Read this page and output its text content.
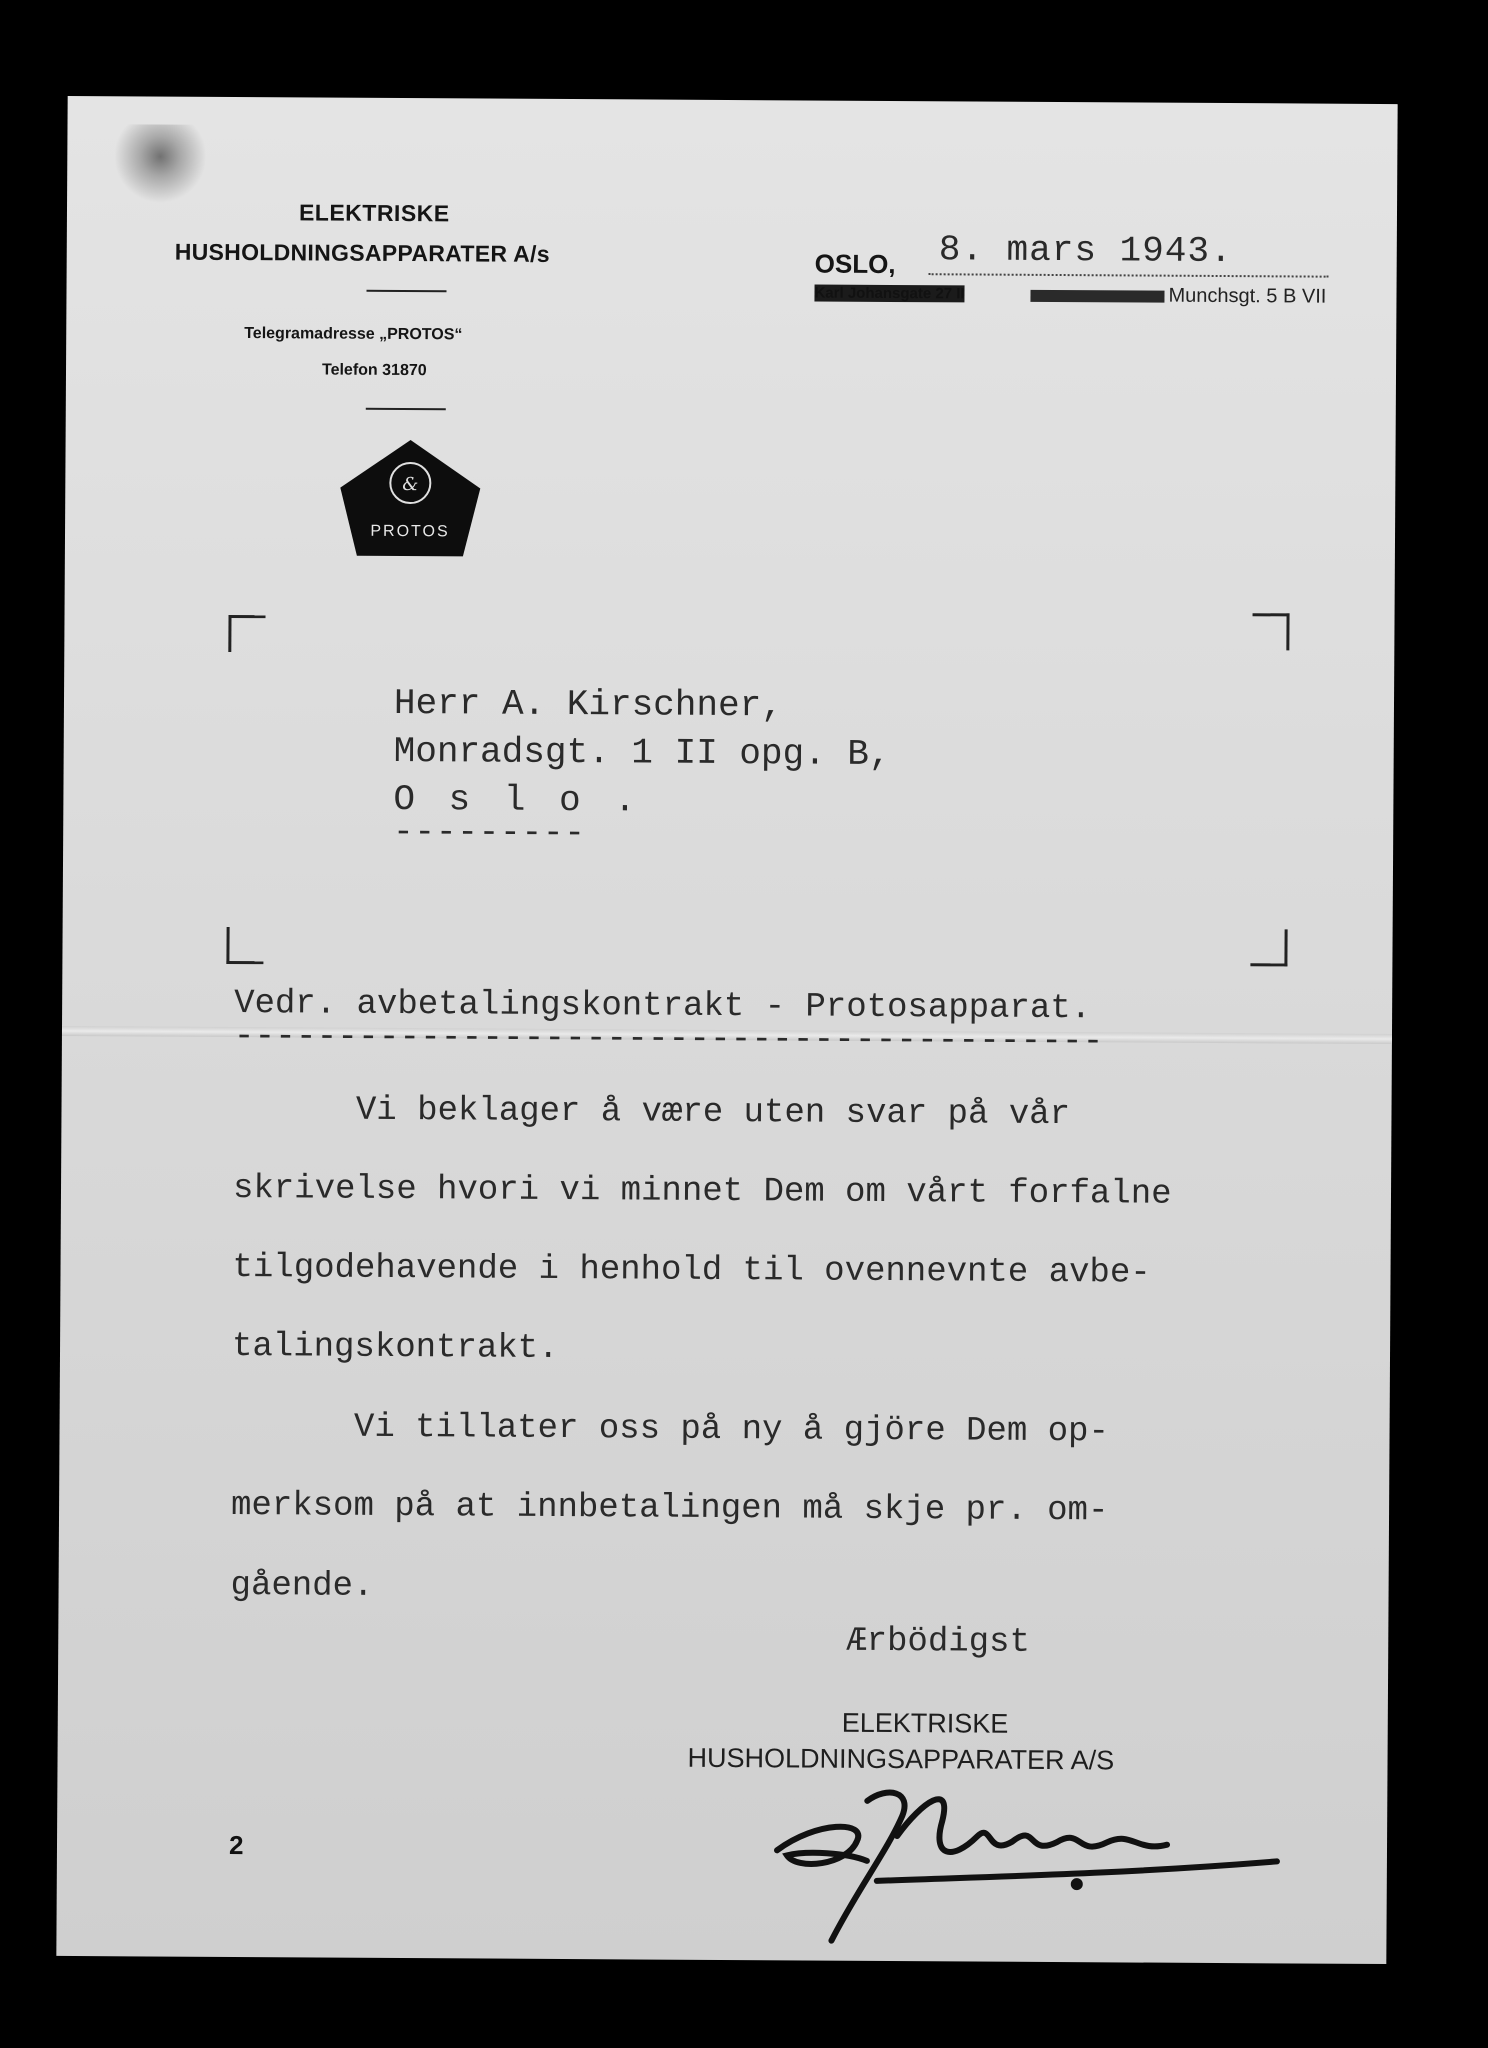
ELEKTRISKE
HUSHOLDNINGSAPPARATER A/s
Telegramadresse „PROTOS“
Telefon 31870
&
PROTOS
OSLO, 8. mars 1943.
Karl Johansgate 27 II	Munchsgt. 5 B VII
Herr A. Kirschner,
Monradsgt. 1 II opg. B,
O s l o .
---------
Vedr. avbetalingskontrakt - Protosapparat.
------------------------------------------
Vi beklager å være uten svar på vår
skrivelse hvori vi minnet Dem om vårt forfalne
tilgodehavende i henhold til ovennevnte avbe-
talingskontrakt.
Vi tillater oss på ny å gjöre Dem op-
merksom på at innbetalingen må skje pr. om-
gående.
Ærbödigst
ELEKTRISKE
HUSHOLDNINGSAPPARATER A/S
2
